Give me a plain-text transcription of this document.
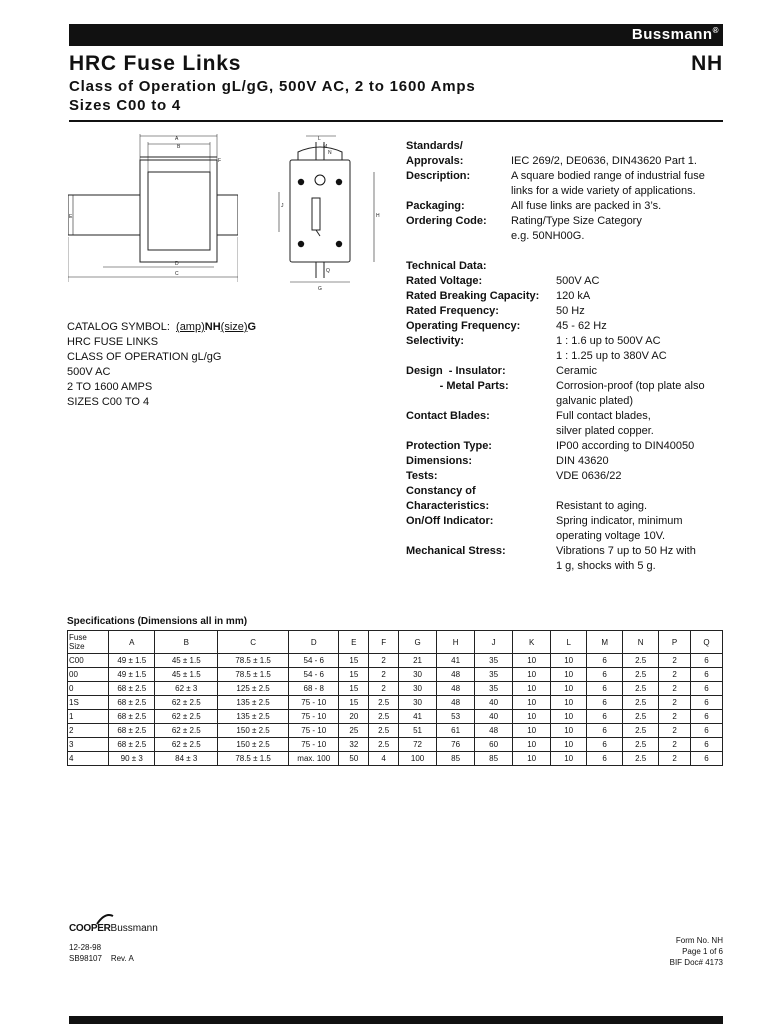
Bussmann®
HRC Fuse Links	NH
Class of Operation gL/gG, 500V AC, 2 to 1600 Amps
Sizes C00 to 4
A
B
E
D
C
F
L
M
N
J
H
Q
G
CATALOG SYMBOL: (amp)NH(size)G
HRC FUSE LINKS
CLASS OF OPERATION gL/gG
500V AC
2 TO 1600 AMPS
SIZES C00 TO 4
Standards/
Approvals:	IEC 269/2, DE0636, DIN43620 Part 1.
Description:	A square bodied range of industrial fuse
links for a wide variety of applications.
Packaging:	All fuse links are packed in 3’s.
Ordering Code:	Rating/Type Size Category
e.g. 50NH00G.
Technical Data:
Rated Voltage:	500V AC
Rated Breaking Capacity:	120 kA
Rated Frequency:	50 Hz
Operating Frequency:	45 - 62 Hz
Selectivity:	1 : 1.6 up to 500V AC
1 : 1.25 up to 380V AC
Design  - Insulator:	Ceramic
- Metal Parts:	Corrosion-proof (top plate also
galvanic plated)
Contact Blades:	Full contact blades,
silver plated copper.
Protection Type:	IP00 according to DIN40050
Dimensions:	DIN 43620
Tests:	VDE 0636/22
Constancy of
Characteristics:	Resistant to aging.
On/Off Indicator:	Spring indicator, minimum
operating voltage 10V.
Mechanical Stress:	Vibrations 7 up to 50 Hz with
1 g, shocks with 5 g.
Specifications (Dimensions all in mm)
Fuse
Size	A	B	C	D	E	F	G	H	J	K	L	M	N	P	Q
C00	49 ± 1.5	45 ± 1.5	78.5 ± 1.5	54 - 6	15	2	21	41	35	10	10	6	2.5	2	6
00	49 ± 1.5	45 ± 1.5	78.5 ± 1.5	54 - 6	15	2	30	48	35	10	10	6	2.5	2	6
0	68 ± 2.5	62 ± 3	125 ± 2.5	68 - 8	15	2	30	48	35	10	10	6	2.5	2	6
1S	68 ± 2.5	62 ± 2.5	135 ± 2.5	75 - 10	15	2.5	30	48	40	10	10	6	2.5	2	6
1	68 ± 2.5	62 ± 2.5	135 ± 2.5	75 - 10	20	2.5	41	53	40	10	10	6	2.5	2	6
2	68 ± 2.5	62 ± 2.5	150 ± 2.5	75 - 10	25	2.5	51	61	48	10	10	6	2.5	2	6
3	68 ± 2.5	62 ± 2.5	150 ± 2.5	75 - 10	32	2.5	72	76	60	10	10	6	2.5	2	6
4	90 ± 3	84 ± 3	78.5 ± 1.5	max. 100	50	4	100	85	85	10	10	6	2.5	2	6
COOPERBussmann
12-28-98
SB98107 Rev. A
Form No. NH
Page 1 of 6
BIF Doc# 4173
